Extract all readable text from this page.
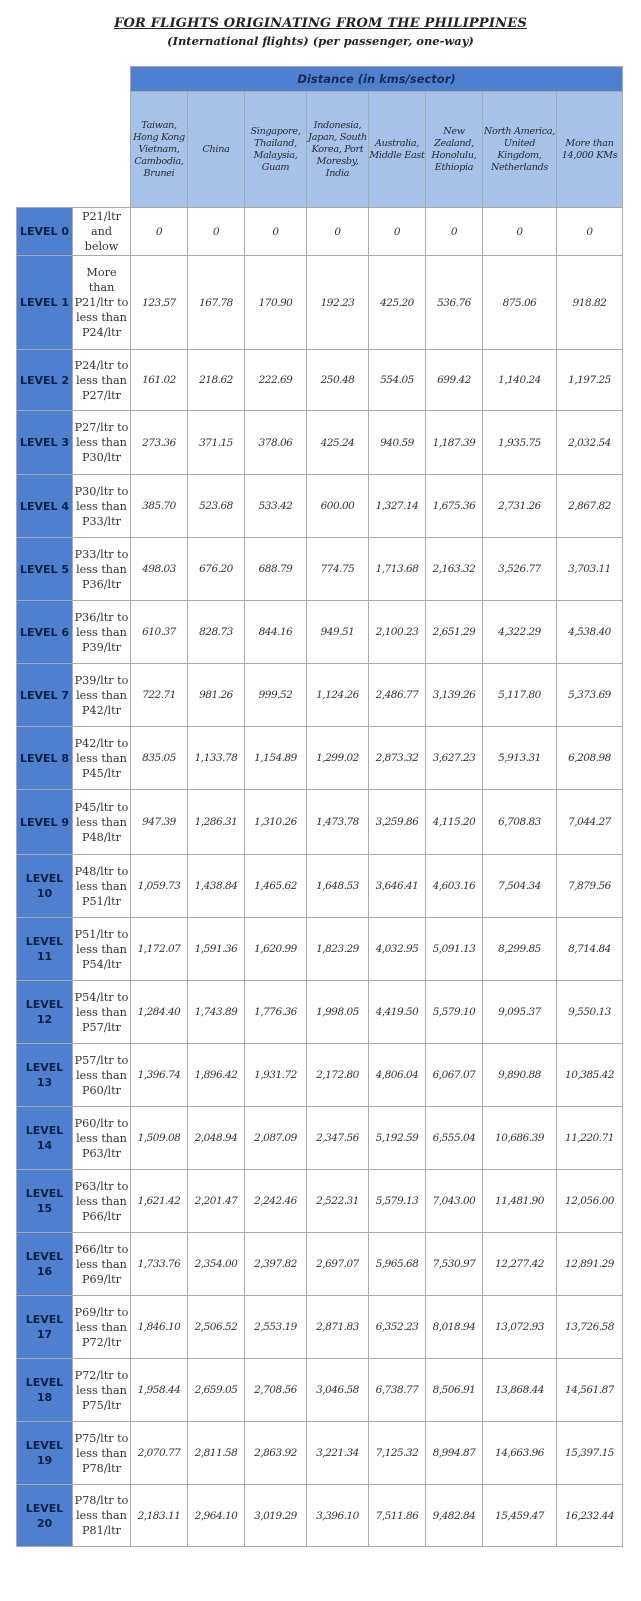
FOR FLIGHTS ORIGINATING FROM THE PHILIPPINES
(International flights) (per passenger, one-way)
		Distance (in kms/sector)							
		Taiwan, Hong Kong Vietnam, Cambodia, Brunei	China	Singapore, Thailand, Malaysia, Guam	Indonesia, Japan, South Korea, Port Moresby, India	Australia, Middle East	New Zealand, Honolulu, Ethiopia	North America, United Kingdom, Netherlands	More than 14,000 KMs
LEVEL 0	P21/ltr and below	0	0	0	0	0	0	0	0
LEVEL 1	More than P21/ltr to less than P24/ltr	123.57	167.78	170.90	192.23	425.20	536.76	875.06	918.82
LEVEL 2	P24/ltr to less than P27/ltr	161.02	218.62	222.69	250.48	554.05	699.42	1,140.24	1,197.25
LEVEL 3	P27/ltr to less than P30/ltr	273.36	371.15	378.06	425.24	940.59	1,187.39	1,935.75	2,032.54
LEVEL 4	P30/ltr to less than P33/ltr	385.70	523.68	533.42	600.00	1,327.14	1,675.36	2,731.26	2,867.82
LEVEL 5	P33/ltr to less than P36/ltr	498.03	676.20	688.79	774.75	1,713.68	2,163.32	3,526.77	3,703.11
LEVEL 6	P36/ltr to less than P39/ltr	610.37	828.73	844.16	949.51	2,100.23	2,651.29	4,322.29	4,538.40
LEVEL 7	P39/ltr to less than P42/ltr	722.71	981.26	999.52	1,124.26	2,486.77	3,139.26	5,117.80	5,373.69
LEVEL 8	P42/ltr to less than P45/ltr	835.05	1,133.78	1,154.89	1,299.02	2,873.32	3,627.23	5,913.31	6,208.98
LEVEL 9	P45/ltr to less than P48/ltr	947.39	1,286.31	1,310.26	1,473.78	3,259.86	4,115.20	6,708.83	7,044.27
LEVEL 10	P48/ltr to less than P51/ltr	1,059.73	1,438.84	1,465.62	1,648.53	3,646.41	4,603.16	7,504.34	7,879.56
LEVEL 11	P51/ltr to less than P54/ltr	1,172.07	1,591.36	1,620.99	1,823.29	4,032.95	5,091.13	8,299.85	8,714.84
LEVEL 12	P54/ltr to less than P57/ltr	1,284.40	1,743.89	1,776.36	1,998.05	4,419.50	5,579.10	9,095.37	9,550.13
LEVEL 13	P57/ltr to less than P60/ltr	1,396.74	1,896.42	1,931.72	2,172.80	4,806.04	6,067.07	9,890.88	10,385.42
LEVEL 14	P60/ltr to less than P63/ltr	1,509.08	2,048.94	2,087.09	2,347.56	5,192.59	6,555.04	10,686.39	11,220.71
LEVEL 15	P63/ltr to less than P66/ltr	1,621.42	2,201.47	2,242.46	2,522.31	5,579.13	7,043.00	11,481.90	12,056.00
LEVEL 16	P66/ltr to less than P69/ltr	1,733.76	2,354.00	2,397.82	2,697.07	5,965.68	7,530.97	12,277.42	12,891.29
LEVEL 17	P69/ltr to less than P72/ltr	1,846.10	2,506.52	2,553.19	2,871.83	6,352.23	8,018.94	13,072.93	13,726.58
LEVEL 18	P72/ltr to less than P75/ltr	1,958.44	2,659.05	2,708.56	3,046.58	6,738.77	8,506.91	13,868.44	14,561.87
LEVEL 19	P75/ltr to less than P78/ltr	2,070.77	2,811.58	2,863.92	3,221.34	7,125.32	8,994.87	14,663.96	15,397.15
LEVEL 20	P78/ltr to less than P81/ltr	2,183.11	2,964.10	3,019.29	3,396.10	7,511.86	9,482.84	15,459.47	16,232.44
